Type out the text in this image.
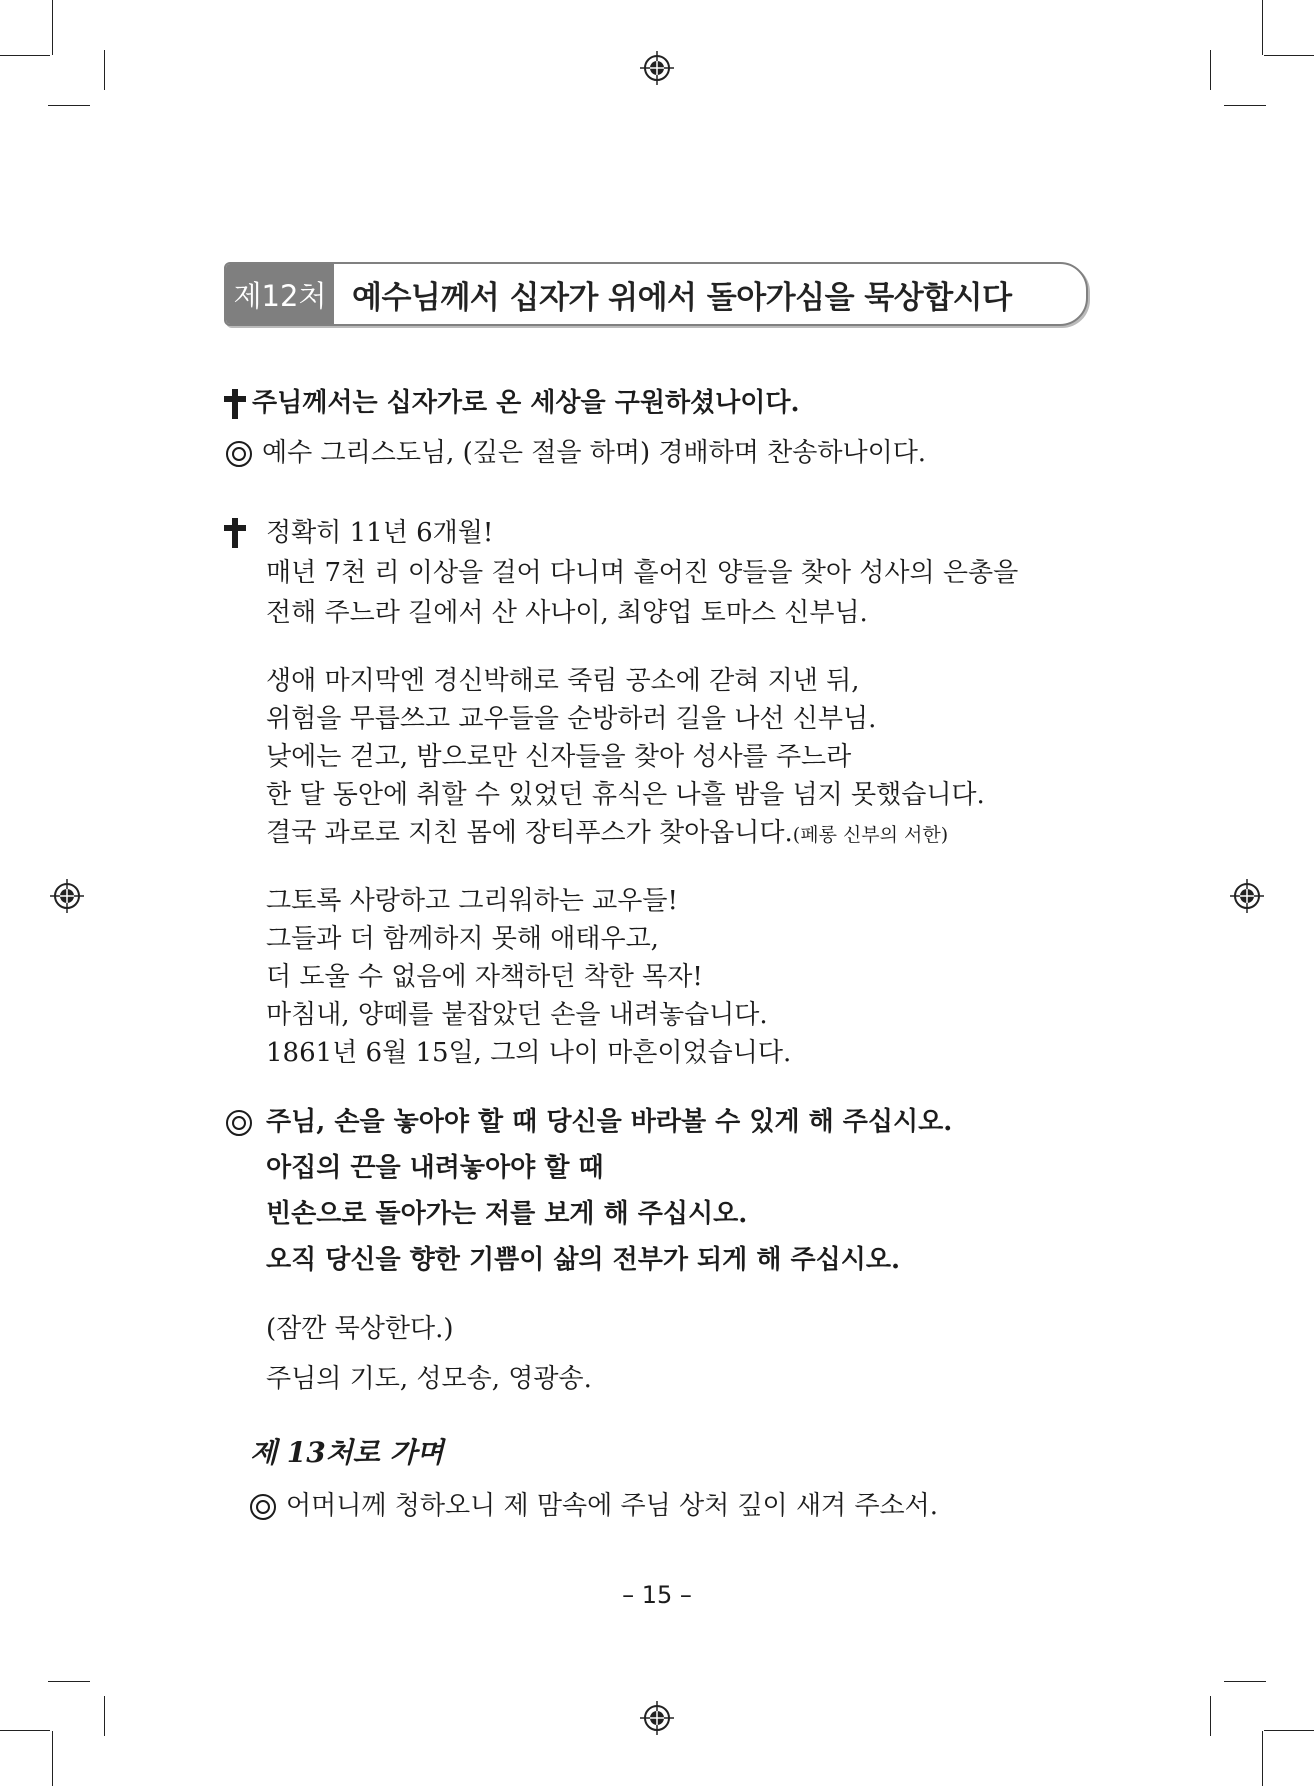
제12처 예수님께서 십자가 위에서 돌아가심을 묵상합시다
주님께서는 십자가로 온 세상을 구원하셨나이다.
예수 그리스도님, (깊은 절을 하며) 경배하며 찬송하나이다.
정확히 11년 6개월!
매년 7천 리 이상을 걸어 다니며 흩어진 양들을 찾아 성사의 은총을
전해 주느라 길에서 산 사나이, 최양업 토마스 신부님.
생애 마지막엔 경신박해로 죽림 공소에 갇혀 지낸 뒤,
위험을 무릅쓰고 교우들을 순방하러 길을 나선 신부님.
낮에는 걷고, 밤으로만 신자들을 찾아 성사를 주느라
한 달 동안에 취할 수 있었던 휴식은 나흘 밤을 넘지 못했습니다.
결국 과로로 지친 몸에 장티푸스가 찾아옵니다.(페롱 신부의 서한)
그토록 사랑하고 그리워하는 교우들!
그들과 더 함께하지 못해 애태우고,
더 도울 수 없음에 자책하던 착한 목자!
마침내, 양떼를 붙잡았던 손을 내려놓습니다.
1861년 6월 15일, 그의 나이 마흔이었습니다.
주님, 손을 놓아야 할 때 당신을 바라볼 수 있게 해 주십시오.
아집의 끈을 내려놓아야 할 때
빈손으로 돌아가는 저를 보게 해 주십시오.
오직 당신을 향한 기쁨이 삶의 전부가 되게 해 주십시오.
(잠깐 묵상한다.)
주님의 기도, 성모송, 영광송.
제 13처로 가며
어머니께 청하오니 제 맘속에 주님 상처 깊이 새겨 주소서.
– 15 –
